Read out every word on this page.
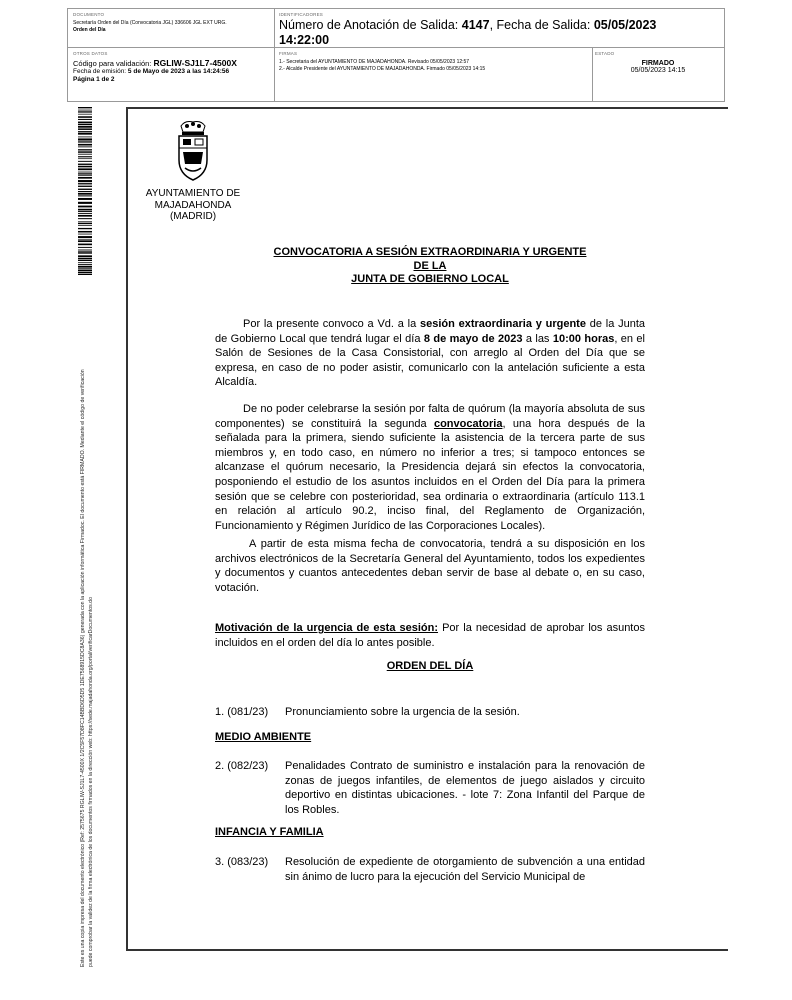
DOCUMENTO
Secretaría Orden del Día (Convocatoria JGL) 336606 JGL EXT URG.
Orden del Día
IDENTIFICADORES
Número de Anotación de Salida: 4147, Fecha de Salida: 05/05/2023
14:22:00
OTROS DATOS
Código para validación: RGLIW-SJ1L7-4500X
Fecha de emisión: 5 de Mayo de 2023 a las 14:24:56
Página 1 de 2
FIRMAS
1.- Secretaria del AYUNTAMIENTO DE MAJADAHONDA. Revisado 05/05/2023 12:57
2.- Alcalde Presidente del AYUNTAMIENTO DE MAJADAHONDA. Firmado 05/05/2023 14:15
ESTADO
FIRMADO
05/05/2023 14:15
Este es una copia impresa del documento electrónico (Ref: 2575675 RGLIW-SJ1L7-4500X 1/2C5F57D8FC14BBD6D5D5 1DE7568915DC8A36) generada con la aplicación informática Firmadoc. El documento está FIRMADO. Mediante el código de verificación puede comprobar la validez de la firma electrónica de los documentos firmados en la dirección web: https://sede.majadahonda.org/portal/verificarDocumentos.do
AYUNTAMIENTO DE
MAJADAHONDA
(MADRID)
CONVOCATORIA A SESIÓN EXTRAORDINARIA Y URGENTE
DE LA
JUNTA DE GOBIERNO LOCAL
Por la presente convoco a Vd. a la sesión extraordinaria y urgente de la Junta de Gobierno Local que tendrá lugar el día 8 de mayo de 2023 a las 10:00 horas, en el Salón de Sesiones de la Casa Consistorial, con arreglo al Orden del Día que se expresa, en caso de no poder asistir, comunicarlo con la antelación suficiente a esta Alcaldía.
De no poder celebrarse la sesión por falta de quórum (la mayoría absoluta de sus componentes) se constituirá la segunda convocatoria, una hora después de la señalada para la primera, siendo suficiente la asistencia de la tercera parte de sus miembros y, en todo caso, en número no inferior a tres; si tampoco entonces se alcanzase el quórum necesario, la Presidencia dejará sin efectos la convocatoria, posponiendo el estudio de los asuntos incluidos en el Orden del Día para la primera sesión que se celebre con posterioridad, sea ordinaria o extraordinaria (artículo 113.1 en relación al artículo 90.2, inciso final, del Reglamento de Organización, Funcionamiento y Régimen Jurídico de las Corporaciones Locales).
A partir de esta misma fecha de convocatoria, tendrá a su disposición en los archivos electrónicos de la Secretaría General del Ayuntamiento, todos los expedientes y documentos y cuantos antecedentes deban servir de base al debate o, en su caso, votación.
Motivación de la urgencia de esta sesión: Por la necesidad de aprobar los asuntos incluidos en el orden del día lo antes posible.
ORDEN DEL DÍA
1. (081/23) Pronunciamiento sobre la urgencia de la sesión.
MEDIO AMBIENTE
2. (082/23) Penalidades Contrato de suministro e instalación para la renovación de zonas de juegos infantiles, de elementos de juego aislados y circuito deportivo en distintas ubicaciones. - lote 7: Zona Infantil del Parque de los Robles.
INFANCIA Y FAMILIA
3. (083/23) Resolución de expediente de otorgamiento de subvención a una entidad sin ánimo de lucro para la ejecución del Servicio Municipal de
